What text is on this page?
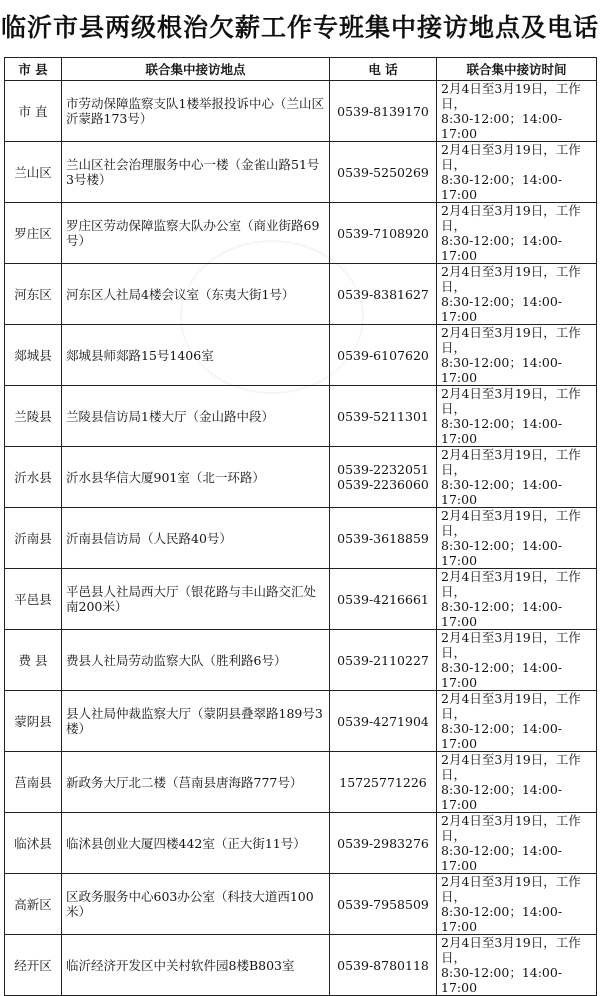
临沂市县两级根治欠薪工作专班集中接访地点及电话
市 县	联合集中接访地点	电 话	联合集中接访时间
市 直	市劳动保障监察支队1楼举报投诉中心（兰山区沂蒙路173号）	0539-8139170	2月4日至3月19日，工作日，
8:30-12:00；14:00-17:00
兰山区	兰山区社会治理服务中心一楼（金雀山路51号3号楼）	0539-5250269	2月4日至3月19日，工作日，
8:30-12:00；14:00-17:00
罗庄区	罗庄区劳动保障监察大队办公室（商业街路69号）	0539-7108920	2月4日至3月19日，工作日，
8:30-12:00；14:00-17:00
河东区	河东区人社局4楼会议室（东夷大街1号）	0539-8381627	2月4日至3月19日，工作日，
8:30-12:00；14:00-17:00
郯城县	郯城县师郯路15号1406室	0539-6107620	2月4日至3月19日，工作日，
8:30-12:00；14:00-17:00
兰陵县	兰陵县信访局1楼大厅（金山路中段）	0539-5211301	2月4日至3月19日，工作日，
8:30-12:00；14:00-17:00
沂水县	沂水县华信大厦901室（北一环路）	0539-2232051
0539-2236060	2月4日至3月19日，工作日，
8:30-12:00；14:00-17:00
沂南县	沂南县信访局（人民路40号）	0539-3618859	2月4日至3月19日，工作日，
8:30-12:00；14:00-17:00
平邑县	平邑县人社局西大厅（银花路与丰山路交汇处南200米）	0539-4216661	2月4日至3月19日，工作日，
8:30-12:00；14:00-17:00
费 县	费县人社局劳动监察大队（胜利路6号）	0539-2110227	2月4日至3月19日，工作日，
8:30-12:00；14:00-17:00
蒙阴县	县人社局仲裁监察大厅（蒙阴县叠翠路189号3楼）	0539-4271904	2月4日至3月19日，工作日，
8:30-12:00；14:00-17:00
莒南县	新政务大厅北二楼（莒南县唐海路777号）	15725771226	2月4日至3月19日，工作日，
8:30-12:00；14:00-17:00
临沭县	临沭县创业大厦四楼442室（正大街11号）	0539-2983276	2月4日至3月19日，工作日，
8:30-12:00；14:00-17:00
高新区	区政务服务中心603办公室（科技大道西100米）	0539-7958509	2月4日至3月19日，工作日，
8:30-12:00；14:00-17:00
经开区	临沂经济开发区中关村软件园8楼B803室	0539-8780118	2月4日至3月19日，工作日，
8:30-12:00；14:00-17:00
